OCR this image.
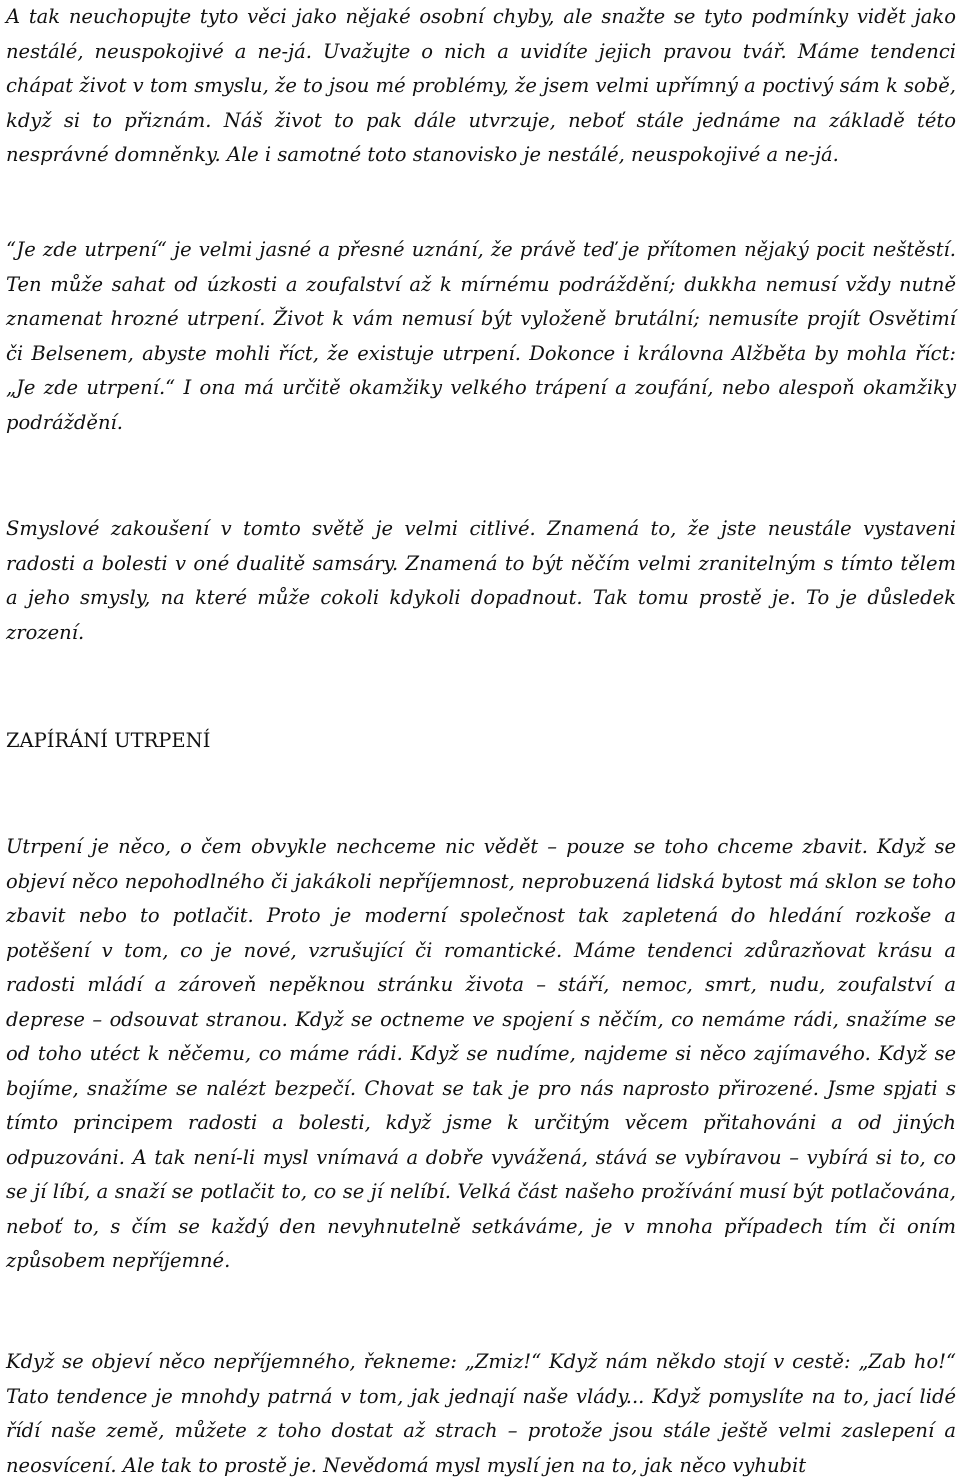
A tak neuchopujte tyto věci jako nějaké osobní chyby, ale snažte se tyto podmínky vidět jako nestálé, neuspokojivé a ne-já. Uvažujte o nich a uvidíte jejich pravou tvář. Máme tendenci chápat život v tom smyslu, že to jsou mé problémy, že jsem velmi upřímný a poctivý sám k sobě, když si to přiznám. Náš život to pak dále utvrzuje, neboť stále jednáme na základě této nesprávné domněnky. Ale i samotné toto stanovisko je nestálé, neuspokojivé a ne-já.

“Je zde utrpení“ je velmi jasné a přesné uznání, že právě teď je přítomen nějaký pocit neštěstí. Ten může sahat od úzkosti a zoufalství až k mírnému podráždění; dukkha nemusí vždy nutně znamenat hrozné utrpení. Život k vám nemusí být vyloženě brutální; nemusíte projít Osvětimí či Belsenem, abyste mohli říct, že existuje utrpení. Dokonce i královna Alžběta by mohla říct: „Je zde utrpení.“ I ona má určitě okamžiky velkého trápení a zoufání, nebo alespoň okamžiky podráždění.

Smyslové zakoušení v tomto světě je velmi citlivé. Znamená to, že jste neustále vystaveni radosti a bolesti v oné dualitě samsáry. Znamená to být něčím velmi zranitelným s tímto tělem a jeho smysly, na které může cokoli kdykoli dopadnout. Tak tomu prostě je. To je důsledek zrození.

ZAPÍRÁNÍ UTRPENÍ

Utrpení je něco, o čem obvykle nechceme nic vědět – pouze se toho chceme zbavit. Když se objeví něco nepohodlného či jakákoli nepříjemnost, neprobuzená lidská bytost má sklon se toho zbavit nebo to potlačit. Proto je moderní společnost tak zapletená do hledání rozkoše a potěšení v tom, co je nové, vzrušující či romantické. Máme tendenci zdůrazňovat krásu a radosti mládí a zároveň nepěknou stránku života – stáří, nemoc, smrt, nudu, zoufalství a deprese – odsouvat stranou. Když se octneme ve spojení s něčím, co nemáme rádi, snažíme se od toho utéct k něčemu, co máme rádi. Když se nudíme, najdeme si něco zajímavého. Když se bojíme, snažíme se nalézt bezpečí. Chovat se tak je pro nás naprosto přirozené. Jsme spjati s tímto principem radosti a bolesti, když jsme k určitým věcem přitahováni a od jiných odpuzováni. A tak není-li mysl vnímavá a dobře vyvážená, stává se vybíravou – vybírá si to, co se jí líbí, a snaží se potlačit to, co se jí nelíbí. Velká část našeho prožívání musí být potlačována, neboť to, s čím se každý den nevyhnutelně setkáváme, je v mnoha případech tím či oním způsobem nepříjemné.

Když se objeví něco nepříjemného, řekneme: „Zmiz!“ Když nám někdo stojí v cestě: „Zab ho!“ Tato tendence je mnohdy patrná v tom, jak jednají naše vlády... Když pomyslíte na to, jací lidé řídí naše země, můžete z toho dostat až strach – protože jsou stále ještě velmi zaslepení a neosvícení. Ale tak to prostě je. Nevědomá mysl myslí jen na to, jak něco vyhubit
